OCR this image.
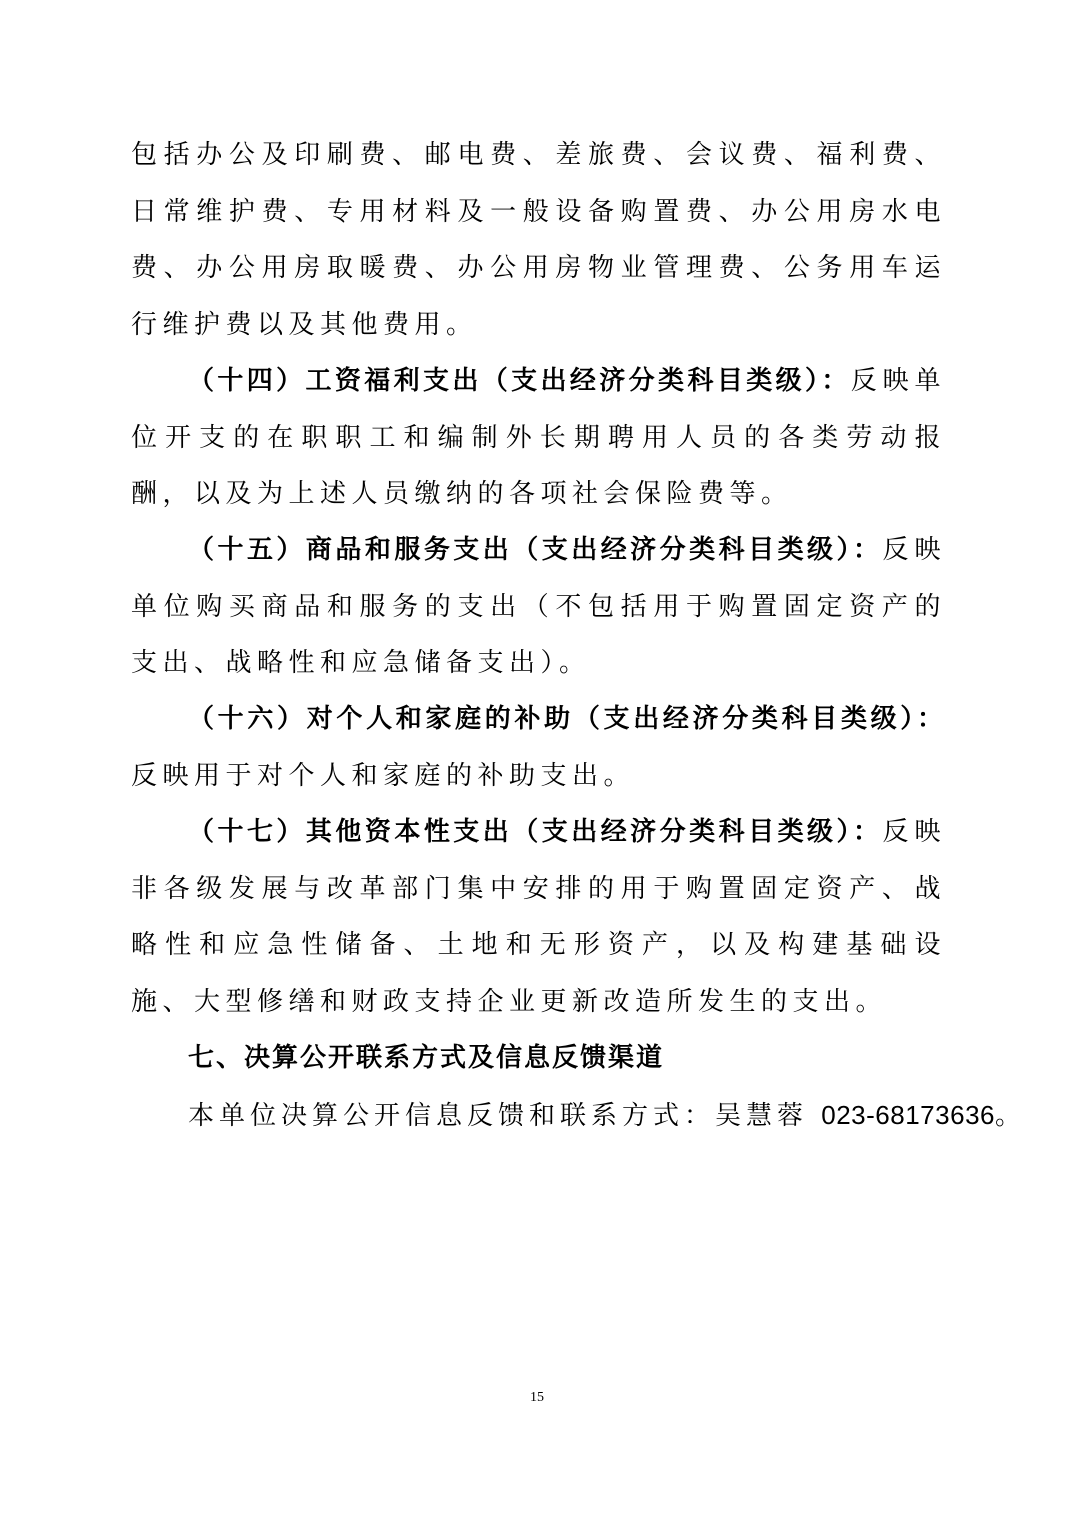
包括办公及印刷费、邮电费、差旅费、会议费、福利费、日常维护费、专用材料及一般设备购置费、办公用房水电费、办公用房取暖费、办公用房物业管理费、公务用车运行维护费以及其他费用。
（十四）工资福利支出（支出经济分类科目类级）：反映单位开支的在职职工和编制外长期聘用人员的各类劳动报酬，以及为上述人员缴纳的各项社会保险费等。
（十五）商品和服务支出（支出经济分类科目类级）：反映单位购买商品和服务的支出（不包括用于购置固定资产的支出、战略性和应急储备支出）。
（十六）对个人和家庭的补助（支出经济分类科目类级）：反映用于对个人和家庭的补助支出。
（十七）其他资本性支出（支出经济分类科目类级）：反映非各级发展与改革部门集中安排的用于购置固定资产、战略性和应急性储备、土地和无形资产，以及构建基础设施、大型修缮和财政支持企业更新改造所发生的支出。
七、决算公开联系方式及信息反馈渠道
本单位决算公开信息反馈和联系方式：吴慧蓉 023-68173636。
15
